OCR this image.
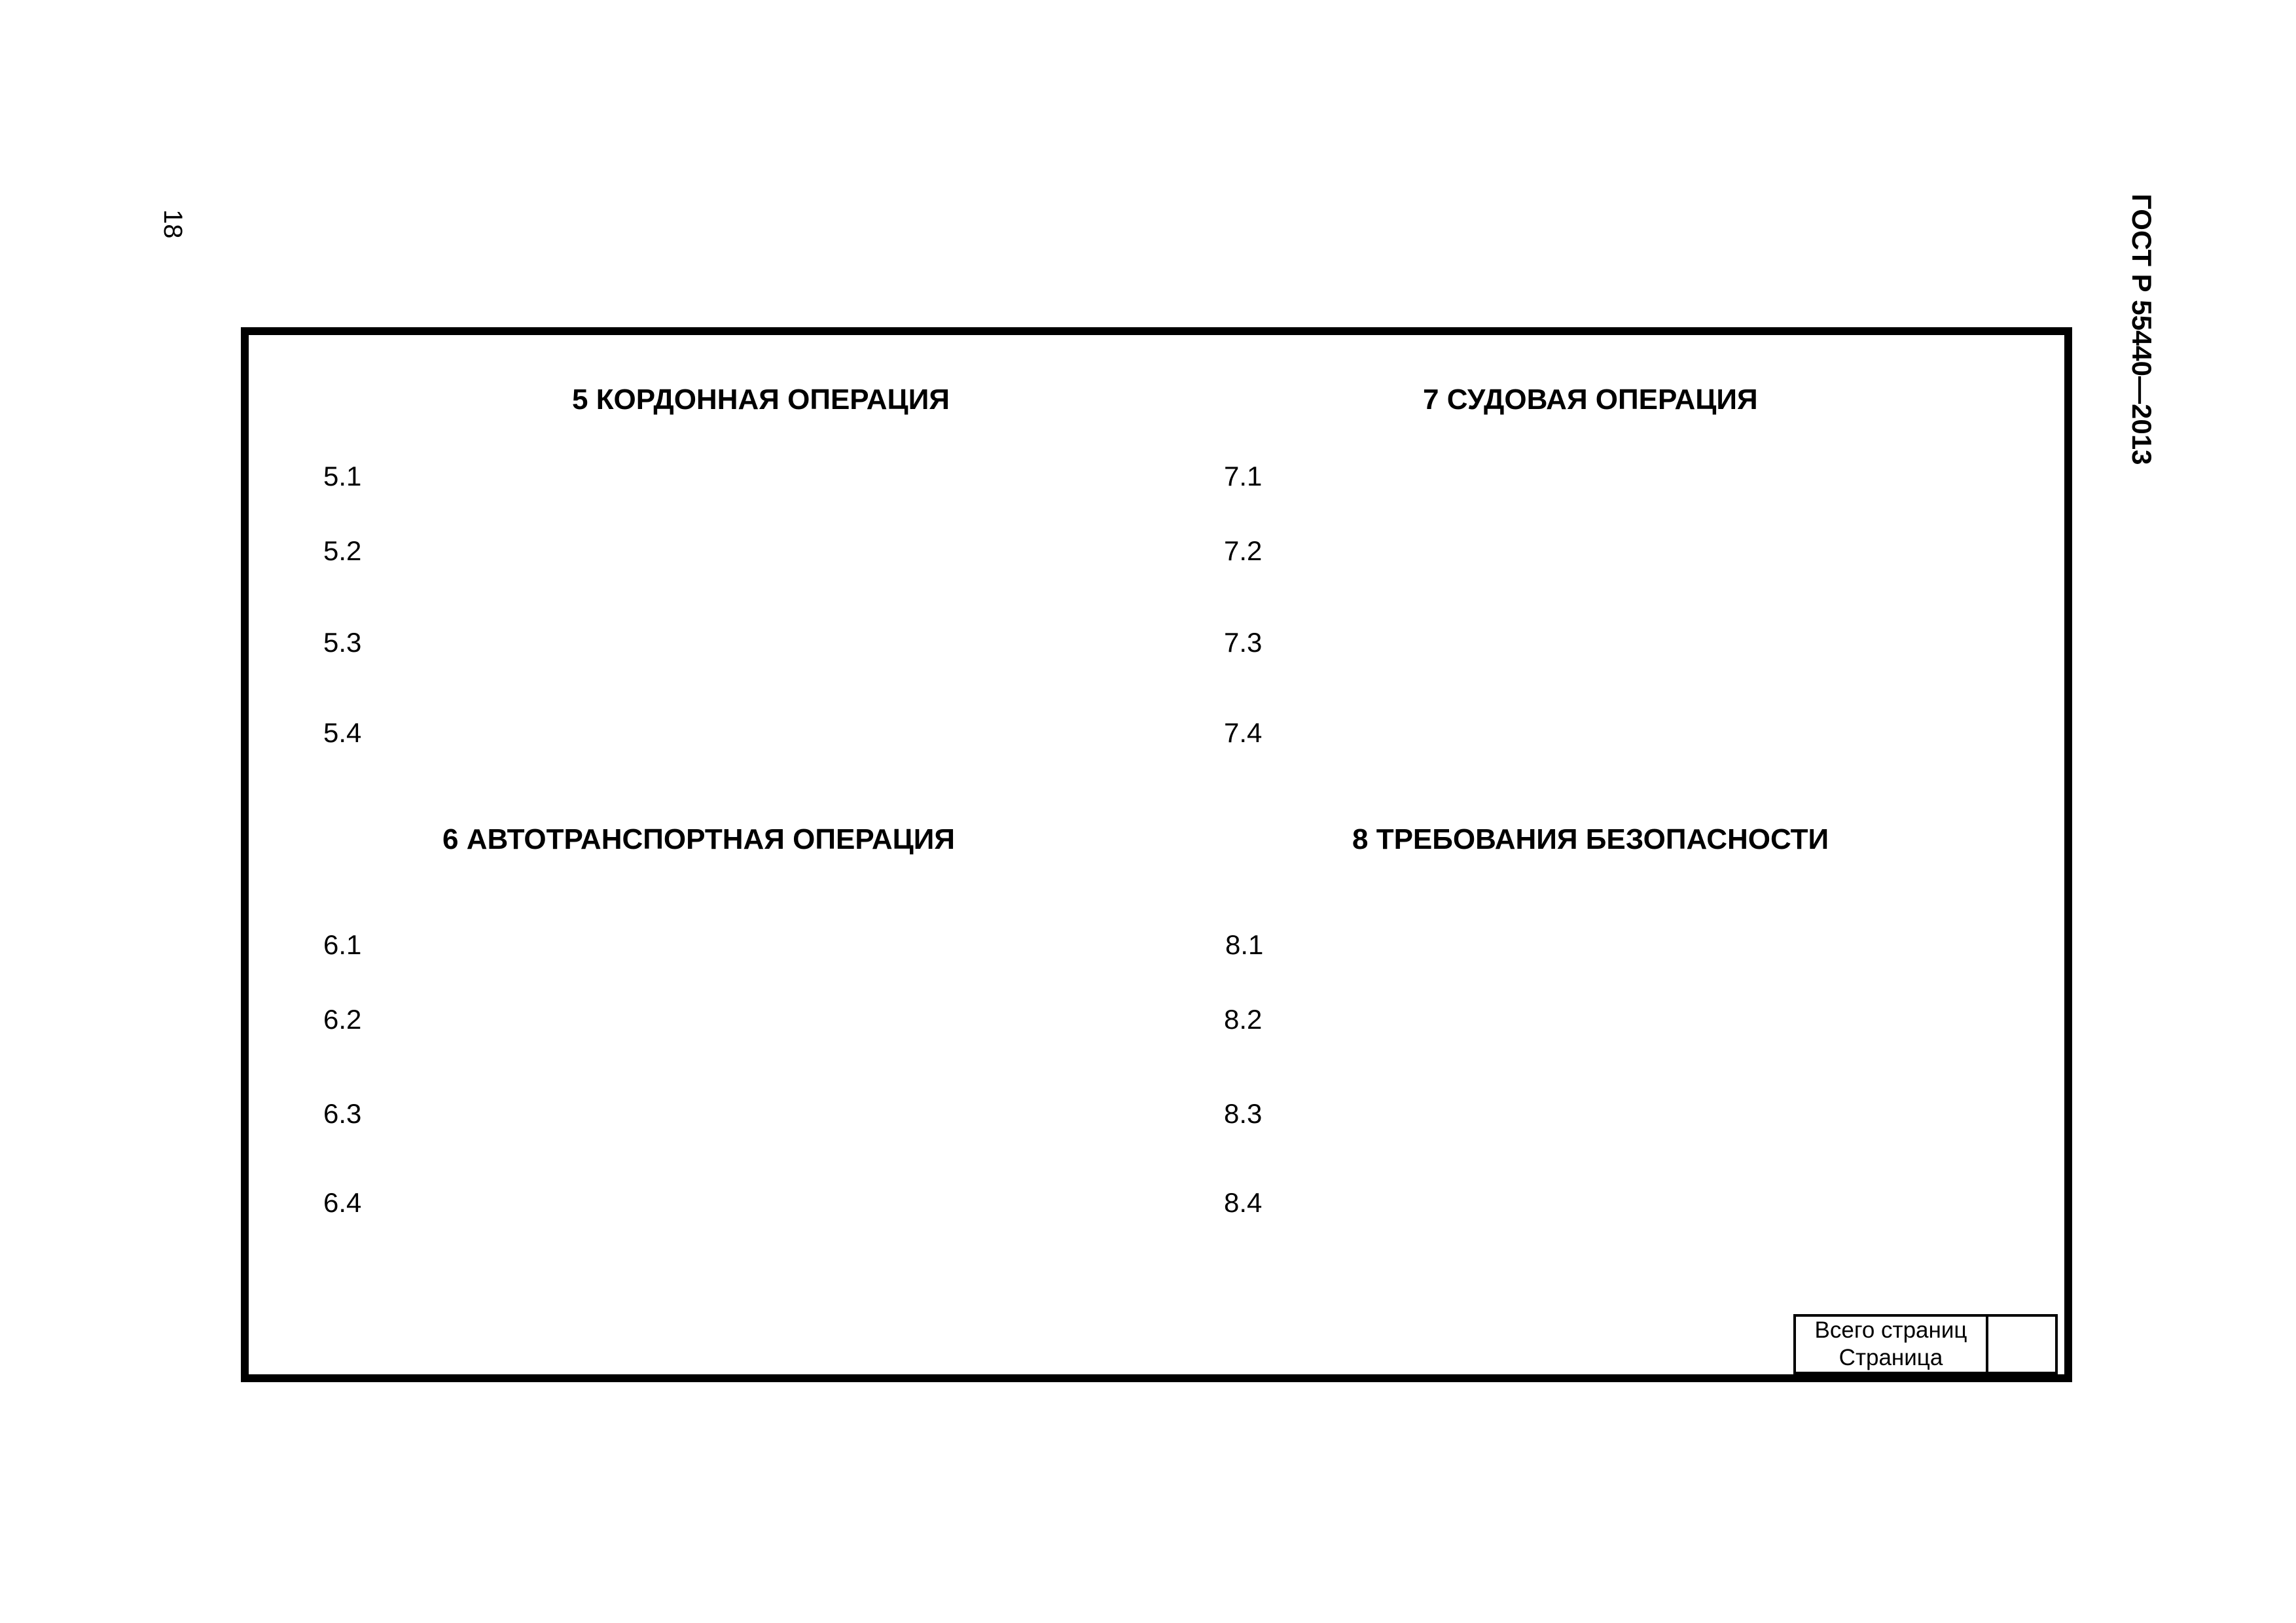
18	ГОСТ Р 55440—2013
5 КОРДОННАЯ ОПЕРАЦИЯ
5.1
5.2
5.3
5.4
6 АВТОТРАНСПОРТНАЯ ОПЕРАЦИЯ
6.1
6.2
6.3
6.4
7 СУДОВАЯ ОПЕРАЦИЯ
7.1
7.2
7.3
7.4
8 ТРЕБОВАНИЯ БЕЗОПАСНОСТИ
8.1
8.2
8.3
8.4
Всего страниц
Страница
